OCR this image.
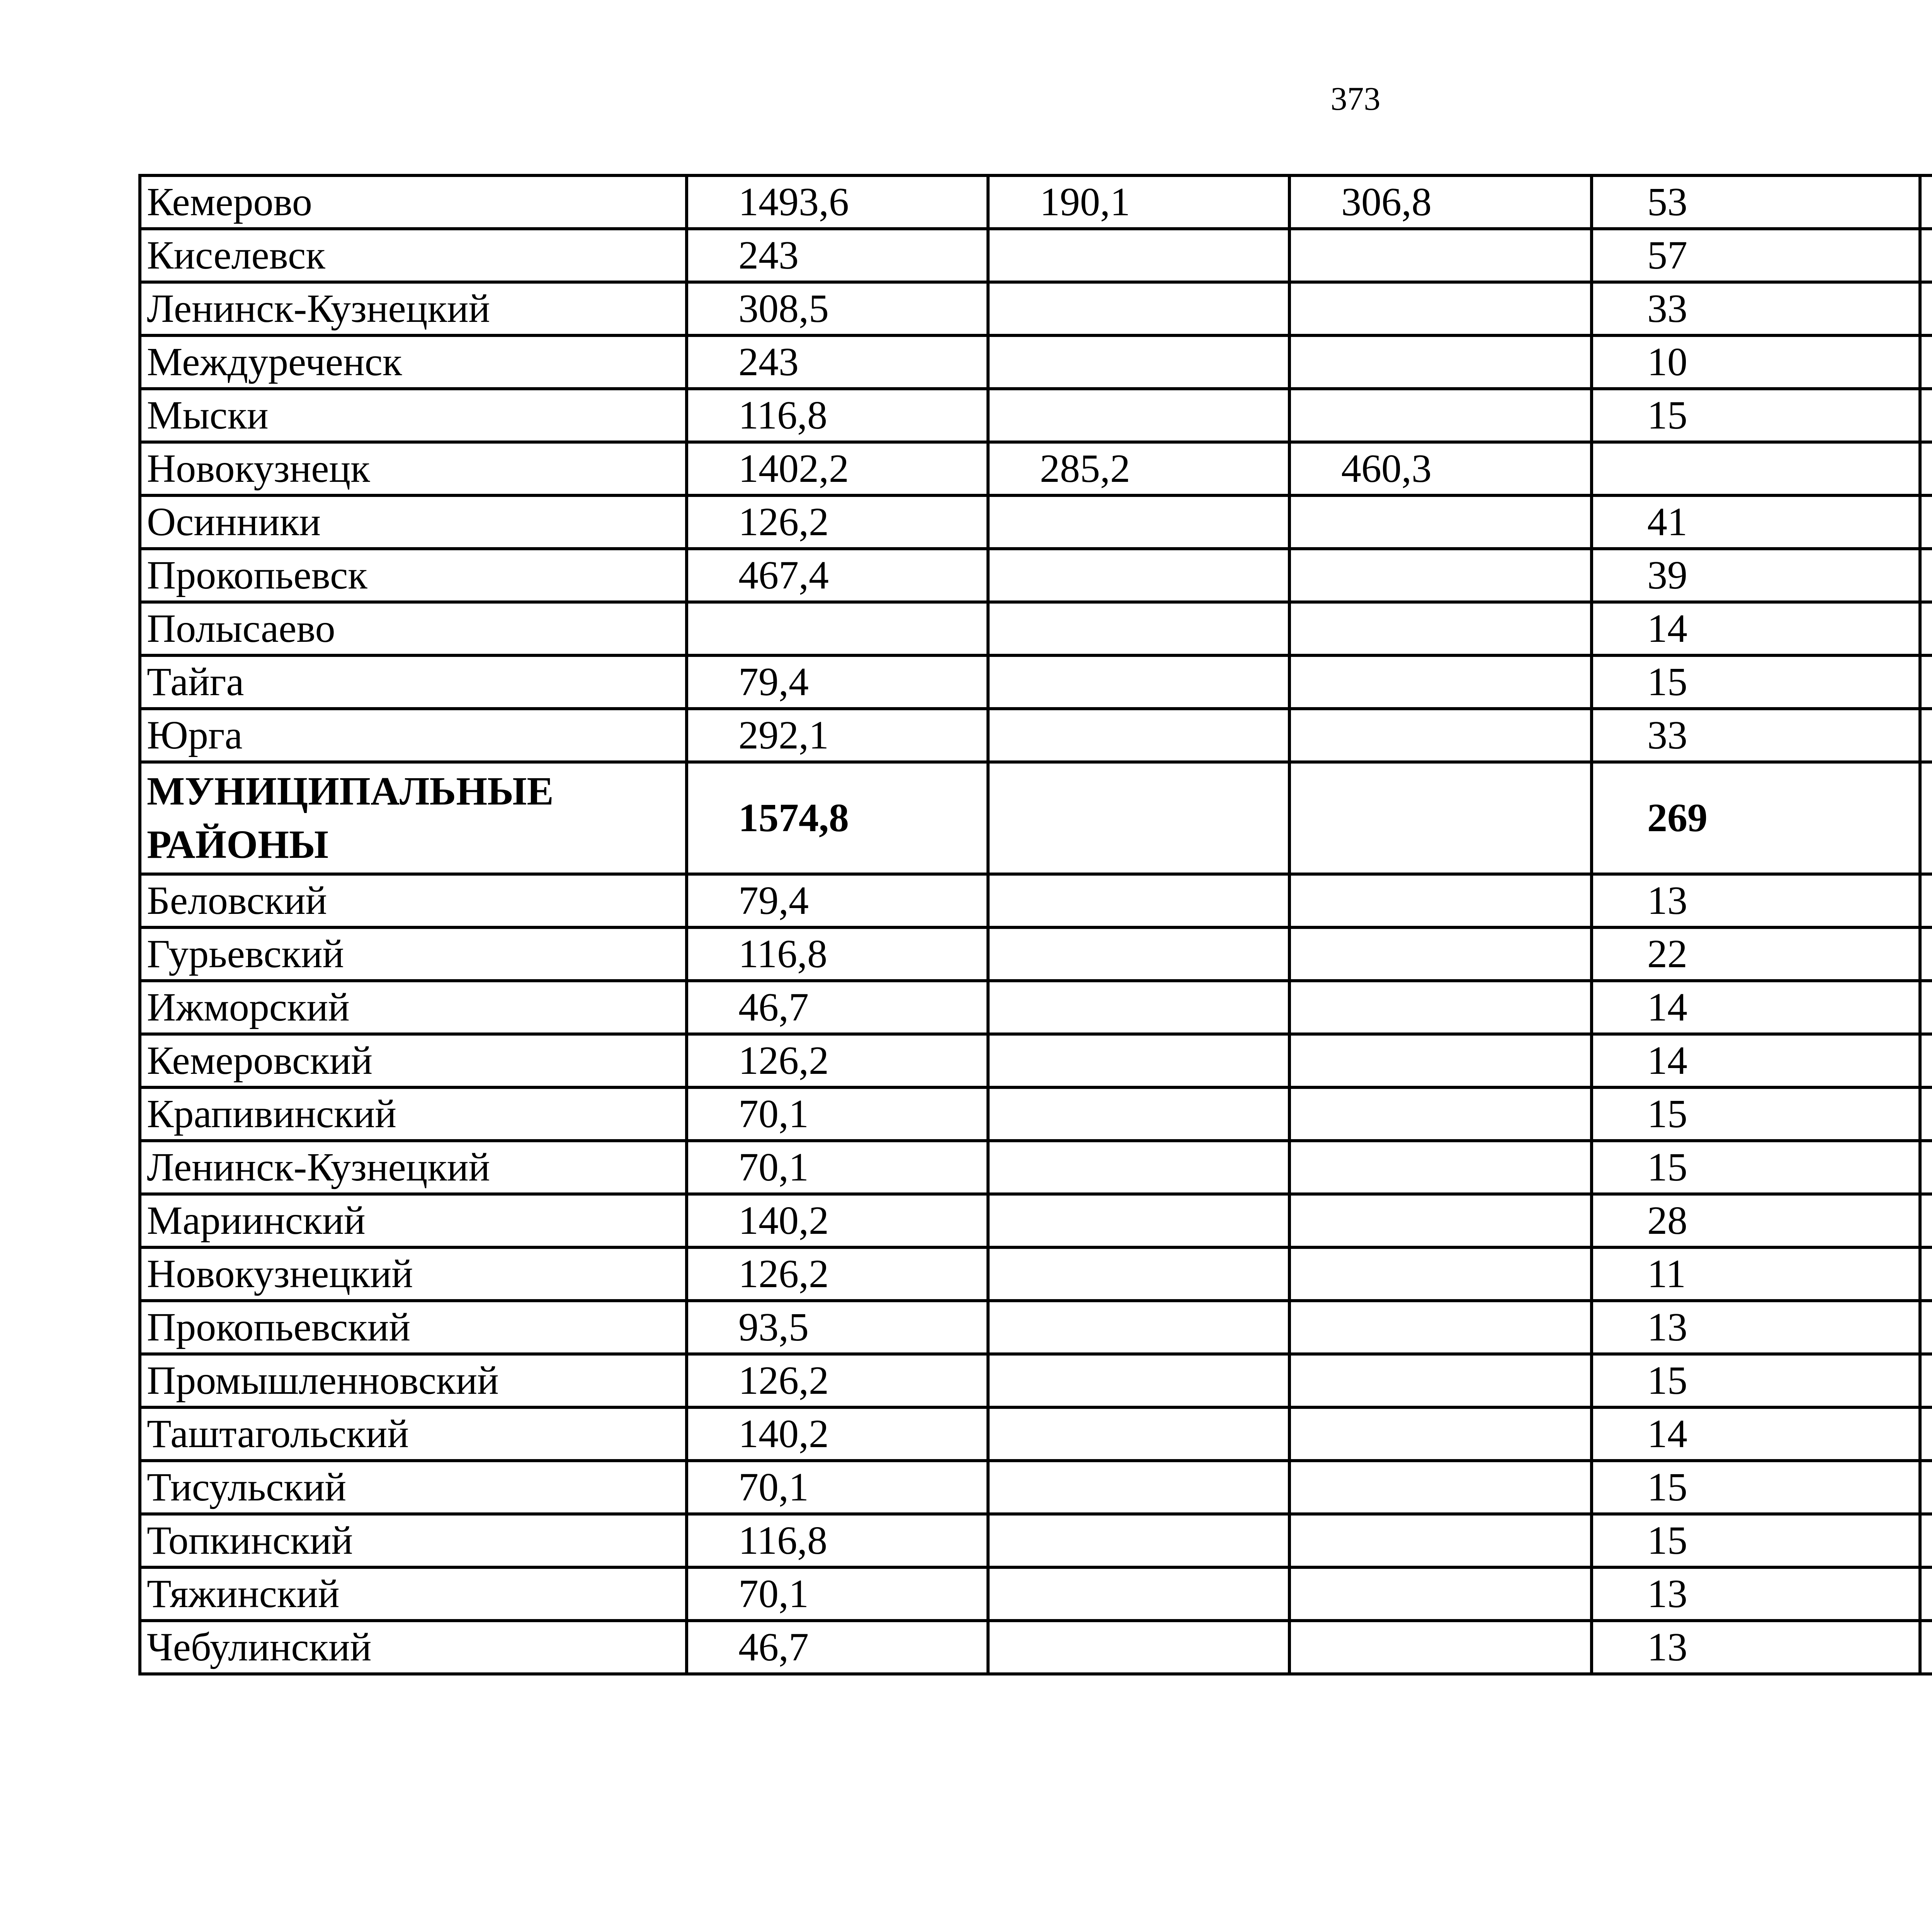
373
Кемерово	1493,6	190,1	306,8	53		
Киселевск	243			57		
Ленинск-Кузнецкий	308,5			33		
Междуреченск	243			10		
Мыски	116,8			15		
Новокузнецк	1402,2	285,2	460,3			
Осинники	126,2			41		
Прокопьевск	467,4			39		
Полысаево				14		
Тайга	79,4			15		
Юрга	292,1			33		
МУНИЦИПАЛЬНЫЕ РАЙОНЫ	1574,8			269		
Беловский	79,4			13		
Гурьевский	116,8			22		
Ижморский	46,7			14		
Кемеровский	126,2			14		
Крапивинский	70,1			15		
Ленинск-Кузнецкий	70,1			15		
Мариинский	140,2			28		
Новокузнецкий	126,2			11		
Прокопьевский	93,5			13		
Промышленновский	126,2			15		
Таштагольский	140,2			14		
Тисульский	70,1			15		
Топкинский	116,8			15		
Тяжинский	70,1			13		
Чебулинский	46,7			13		
